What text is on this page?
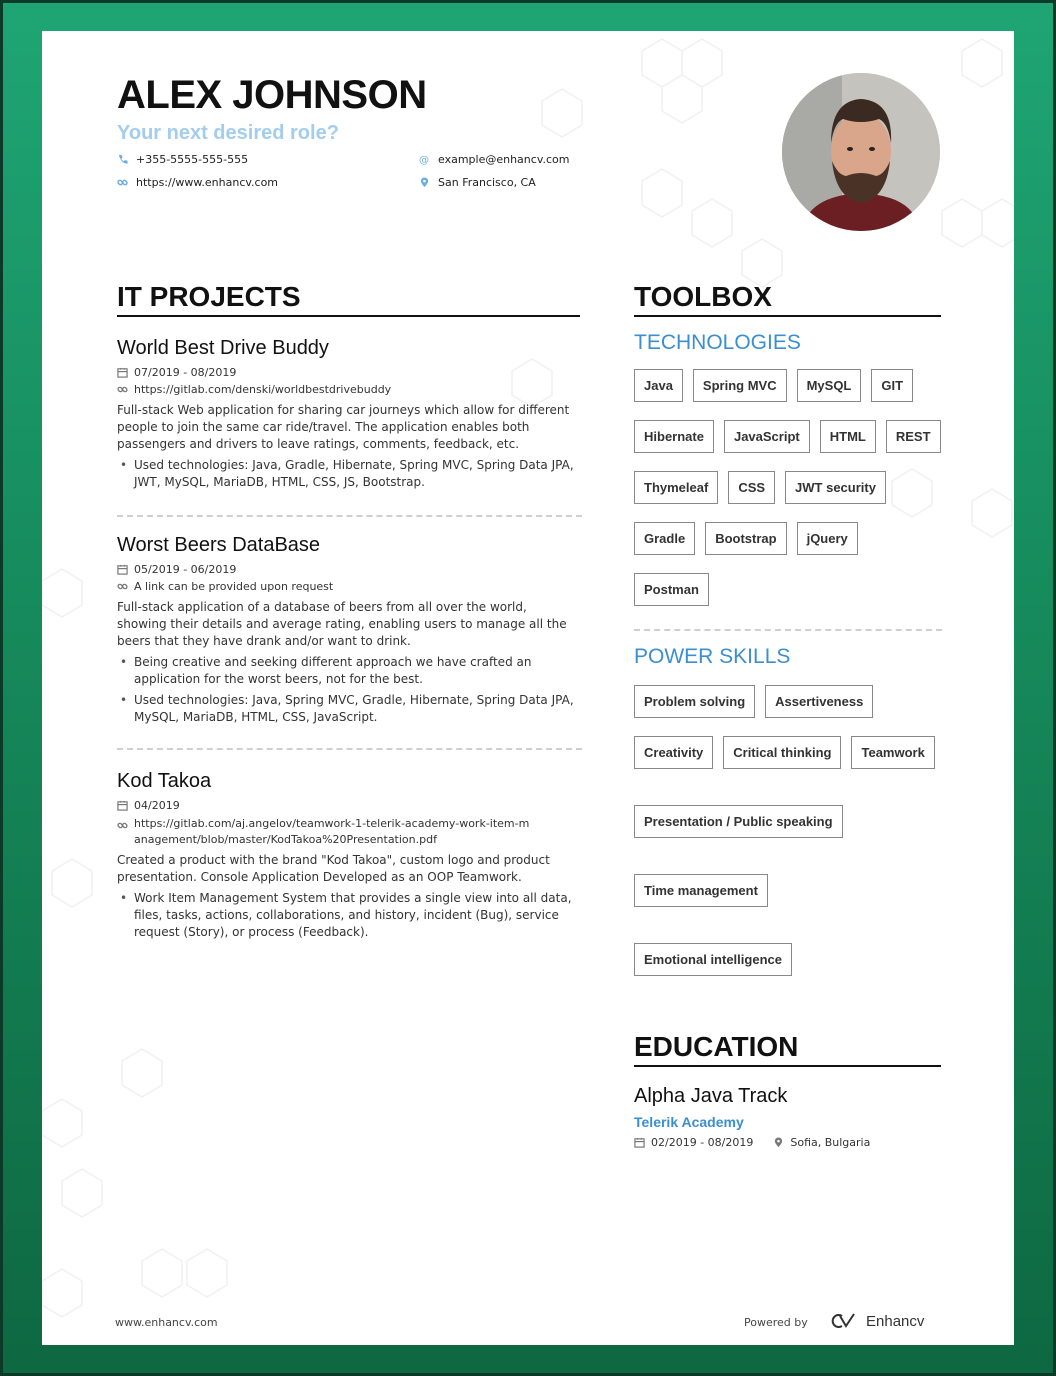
ALEX JOHNSON
Your next desired role?
+355-5555-555-555
https://www.enhancv.com
@ example@enhancv.com
San Francisco, CA
IT PROJECTS
World Best Drive Buddy
07/2019 - 08/2019
https://gitlab.com/denski/worldbestdrivebuddy
Full-stack Web application for sharing car journeys which allow for different people to join the same car ride/travel. The application enables both passengers and drivers to leave ratings, comments, feedback, etc.
• Used technologies: Java, Gradle, Hibernate, Spring MVC, Spring Data JPA, JWT, MySQL, MariaDB, HTML, CSS, JS, Bootstrap.
Worst Beers DataBase
05/2019 - 06/2019
A link can be provided upon request
Full-stack application of a database of beers from all over the world, showing their details and average rating, enabling users to manage all the beers that they have drank and/or want to drink.
• Being creative and seeking different approach we have crafted an application for the worst beers, not for the best.
• Used technologies: Java, Spring MVC, Gradle, Hibernate, Spring Data JPA, MySQL, MariaDB, HTML, CSS, JavaScript.
Kod Takoa
04/2019
https://gitlab.com/aj.angelov/teamwork-1-telerik-academy-work-item-management/blob/master/KodTakoa%20Presentation.pdf
Created a product with the brand "Kod Takoa", custom logo and product presentation. Console Application Developed as an OOP Teamwork.
• Work Item Management System that provides a single view into all data, files, tasks, actions, collaborations, and history, incident (Bug), service request (Story), or process (Feedback).
TOOLBOX
TECHNOLOGIES
Java	Spring MVC	MySQL	GIT
Hibernate	JavaScript	HTML	REST
Thymeleaf	CSS	JWT security
Gradle	Bootstrap	jQuery
Postman
POWER SKILLS
Problem solving	Assertiveness
Creativity	Critical thinking	Teamwork
Presentation / Public speaking
Time management
Emotional intelligence
EDUCATION
Alpha Java Track
Telerik Academy
02/2019 - 08/2019	Sofia, Bulgaria
www.enhancv.com	Powered by	Enhancv
